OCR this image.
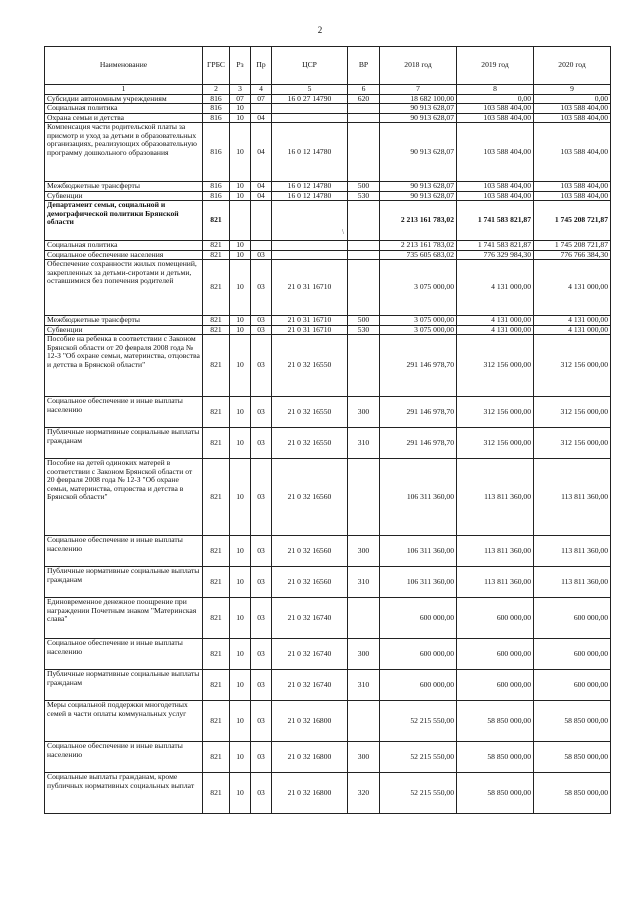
2
\
Наименование	ГРБС	Рз	Пр	ЦСР	ВР	2018 год	2019 год	2020 год
1	2	3	4	5	6	7	8	9
Субсидии автономным учреждениям	816	07	07	16 0 27 14790	620	18 682 100,00	0,00	0,00
Социальная политика	816	10				90 913 628,07	103 588 404,00	103 588 404,00
Охрана семьи и детства	816	10	04			90 913 628,07	103 588 404,00	103 588 404,00
Компенсация части родительской платы за присмотр и уход за детьми в образовательных организациях, реализующих образовательную программу дошкольного образования	816	10	04	16 0 12 14780		90 913 628,07	103 588 404,00	103 588 404,00
Межбюджетные трансферты	816	10	04	16 0 12 14780	500	90 913 628,07	103 588 404,00	103 588 404,00
Субвенции	816	10	04	16 0 12 14780	530	90 913 628,07	103 588 404,00	103 588 404,00
Департамент семьи, социальной и демографической политики Брянской области	821					2 213 161 783,02	1 741 583 821,87	1 745 208 721,87
Социальная политика	821	10				2 213 161 783,02	1 741 583 821,87	1 745 208 721,87
Социальное обеспечение населения	821	10	03			735 605 683,02	776 329 984,30	776 766 384,30
Обеспечение сохранности жилых помещений, закрепленных за детьми-сиротами и детьми, оставшимися без попечения родителей	821	10	03	21 0 31 16710		3 075 000,00	4 131 000,00	4 131 000,00
Межбюджетные трансферты	821	10	03	21 0 31 16710	500	3 075 000,00	4 131 000,00	4 131 000,00
Субвенции	821	10	03	21 0 31 16710	530	3 075 000,00	4 131 000,00	4 131 000,00
Пособие на ребенка в соответствии с Законом Брянской области от 20 февраля 2008 года № 12-З "Об охране семьи, материнства, отцовства и детства в Брянской области"	821	10	03	21 0 32 16550		291 146 978,70	312 156 000,00	312 156 000,00
Социальное обеспечение и иные выплаты населению	821	10	03	21 0 32 16550	300	291 146 978,70	312 156 000,00	312 156 000,00
Публичные нормативные социальные выплаты гражданам	821	10	03	21 0 32 16550	310	291 146 978,70	312 156 000,00	312 156 000,00
Пособие на детей одиноких матерей в соответствии с Законом Брянской области от 20 февраля 2008 года № 12-З "Об охране семьи, материнства, отцовства и детства в Брянской области"	821	10	03	21 0 32 16560		106 311 360,00	113 811 360,00	113 811 360,00
Социальное обеспечение и иные выплаты населению	821	10	03	21 0 32 16560	300	106 311 360,00	113 811 360,00	113 811 360,00
Публичные нормативные социальные выплаты гражданам	821	10	03	21 0 32 16560	310	106 311 360,00	113 811 360,00	113 811 360,00
Единовременное денежное поощрение при награждении Почетным знаком "Материнская слава"	821	10	03	21 0 32 16740		600 000,00	600 000,00	600 000,00
Социальное обеспечение и иные выплаты населению	821	10	03	21 0 32 16740	300	600 000,00	600 000,00	600 000,00
Публичные нормативные социальные выплаты гражданам	821	10	03	21 0 32 16740	310	600 000,00	600 000,00	600 000,00
Меры социальной поддержки многодетных семей в части оплаты коммунальных услуг	821	10	03	21 0 32 16800		52 215 550,00	58 850 000,00	58 850 000,00
Социальное обеспечение и иные выплаты населению	821	10	03	21 0 32 16800	300	52 215 550,00	58 850 000,00	58 850 000,00
Социальные выплаты гражданам, кроме публичных нормативных социальных выплат	821	10	03	21 0 32 16800	320	52 215 550,00	58 850 000,00	58 850 000,00
